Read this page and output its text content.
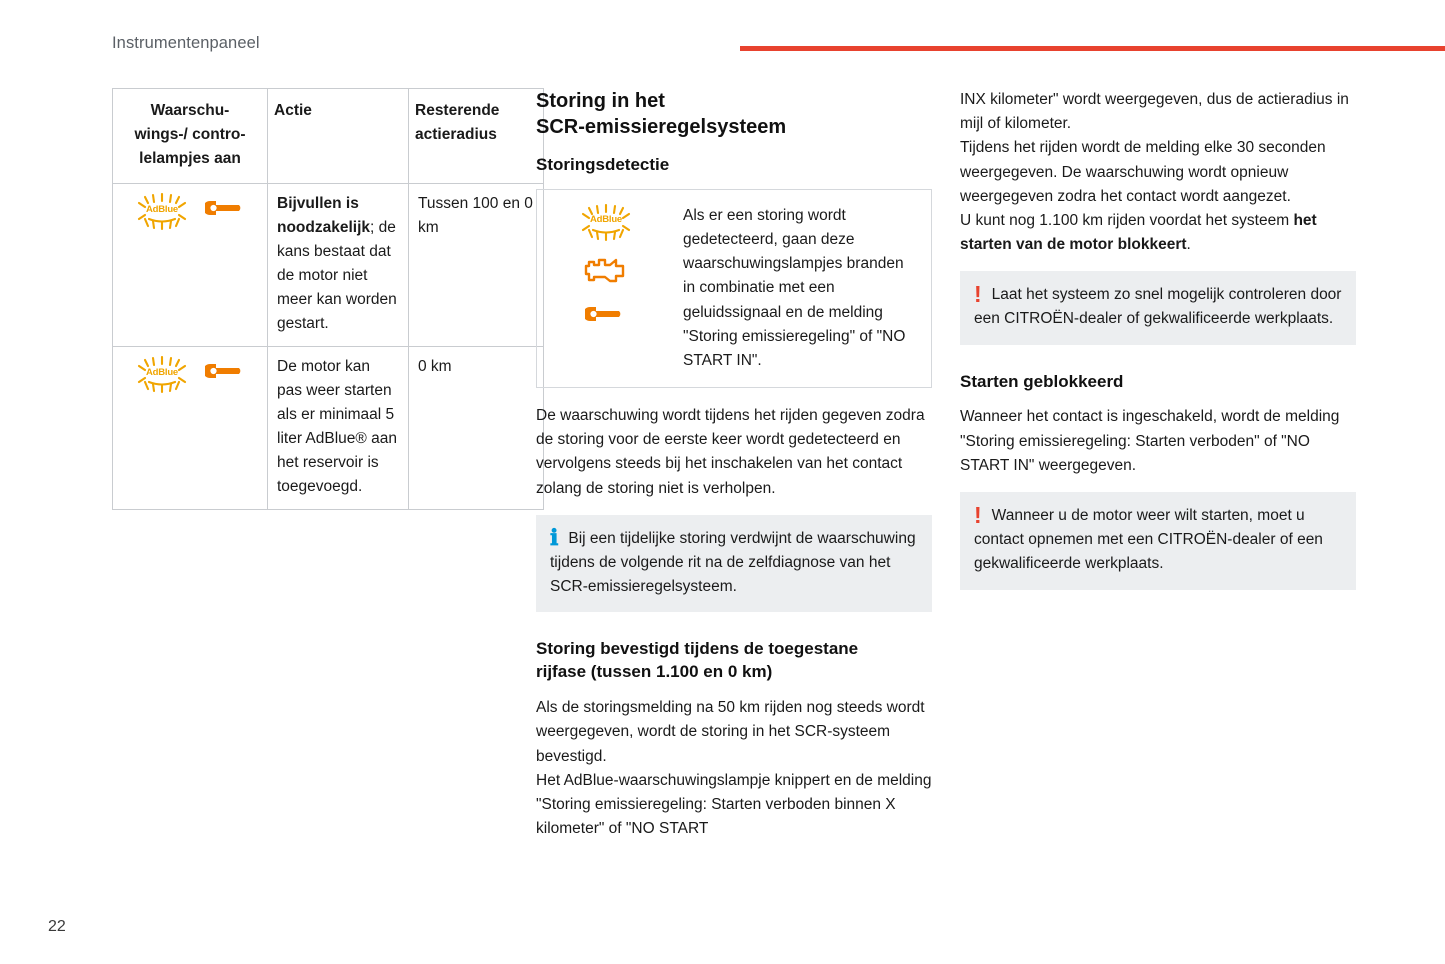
Instrumentenpaneel
Waarschu-
wings-/ contro-
lelampjes aan
	Actie	Resterende
actieradius

AdBlue	Bijvullen is noodzakelijk; de kans bestaat dat de motor niet meer kan worden gestart.	Tussen 100 en 0 km

AdBlue	De motor kan pas weer starten als er minimaal 5 liter AdBlue® aan het reservoir is toegevoegd.	0 km
Storing in het
SCR-emissieregelsysteem
Storingsdetectie
AdBlue	Als er een storing wordt gedetecteerd, gaan deze waarschuwingslampjes branden in combinatie met een geluidssignaal en de melding "Storing emissieregeling" of "NO START IN".

De waarschuwing wordt tijdens het rijden gegeven zodra de storing voor de eerste keer wordt gedetecteerd en vervolgens steeds bij het inschakelen van het contact zolang de storing niet is verholpen.

ℹ Bij een tijdelijke storing verdwijnt de waarschuwing tijdens de volgende rit na de zelfdiagnose van het SCR-emissieregelsysteem.
Storing bevestigd tijdens de toegestane
rijfase (tussen 1.100 en 0 km)

Als de storingsmelding na 50 km rijden nog steeds wordt weergegeven, wordt de storing in het SCR-systeem bevestigd.

Het AdBlue-waarschuwingslampje knippert en de melding "Storing emissieregeling: Starten verboden binnen X kilometer" of "NO START

INX kilometer" wordt weergegeven, dus de actieradius in mijl of kilometer.

Tijdens het rijden wordt de melding elke 30 seconden weergegeven. De waarschuwing wordt opnieuw weergegeven zodra het contact wordt aangezet.

U kunt nog 1.100 km rijden voordat het systeem het starten van de motor blokkeert.

! Laat het systeem zo snel mogelijk controleren door een CITROËN-dealer of gekwalificeerde werkplaats.
Starten geblokkeerd

Wanneer het contact is ingeschakeld, wordt de melding "Storing emissieregeling: Starten verboden" of "NO START IN" weergegeven.

! Wanneer u de motor weer wilt starten, moet u contact opnemen met een CITROËN-dealer of een gekwalificeerde werkplaats.
22
